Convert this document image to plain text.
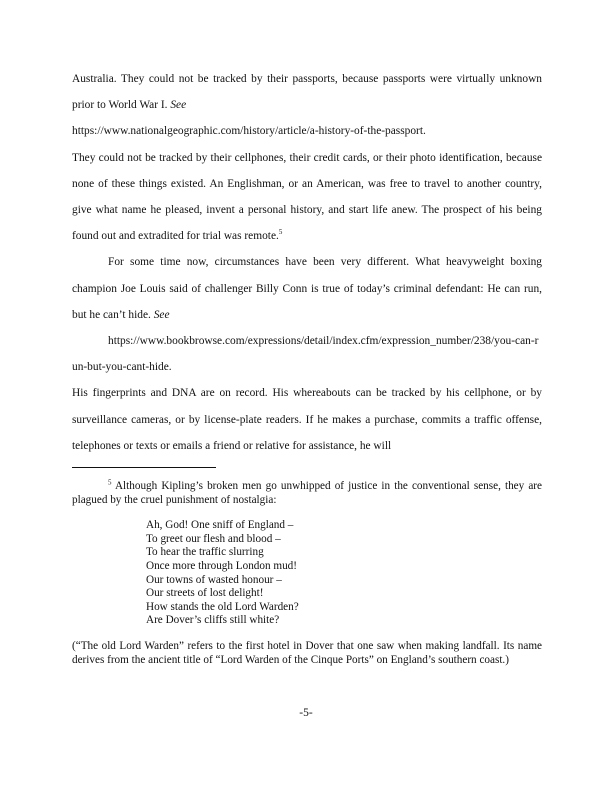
Australia. They could not be tracked by their passports, because passports were virtually unknown prior to World War I. See
https://www.nationalgeographic.com/history/article/a-history-of-the-passport.
They could not be tracked by their cellphones, their credit cards, or their photo identification, because none of these things existed. An Englishman, or an American, was free to travel to another country, give what name he pleased, invent a personal history, and start life anew. The prospect of his being found out and extradited for trial was remote.$^5$

For some time now, circumstances have been very different. What heavyweight boxing champion Joe Louis said of challenger Billy Conn is true of today’s criminal defendant: He can run, but he can’t hide. See
https://www.bookbrowse.com/expressions/detail/index.cfm/expression_number/238/you-can-run-but-you-cant-hide.
His fingerprints and DNA are on record. His whereabouts can be tracked by his cellphone, or by surveillance cameras, or by license-plate readers. If he makes a purchase, commits a traffic offense, telephones or texts or emails a friend or relative for assistance, he will

$^5$ Although Kipling’s broken men go unwhipped of justice in the conventional sense, they are plagued by the cruel punishment of nostalgia:

Ah, God! One sniff of England –
To greet our flesh and blood –
To hear the traffic slurring
Once more through London mud!
Our towns of wasted honour –
Our streets of lost delight!
How stands the old Lord Warden?
Are Dover’s cliffs still white?

(“The old Lord Warden” refers to the first hotel in Dover that one saw when making landfall. Its name derives from the ancient title of “Lord Warden of the Cinque Ports” on England’s southern coast.)

-5-
